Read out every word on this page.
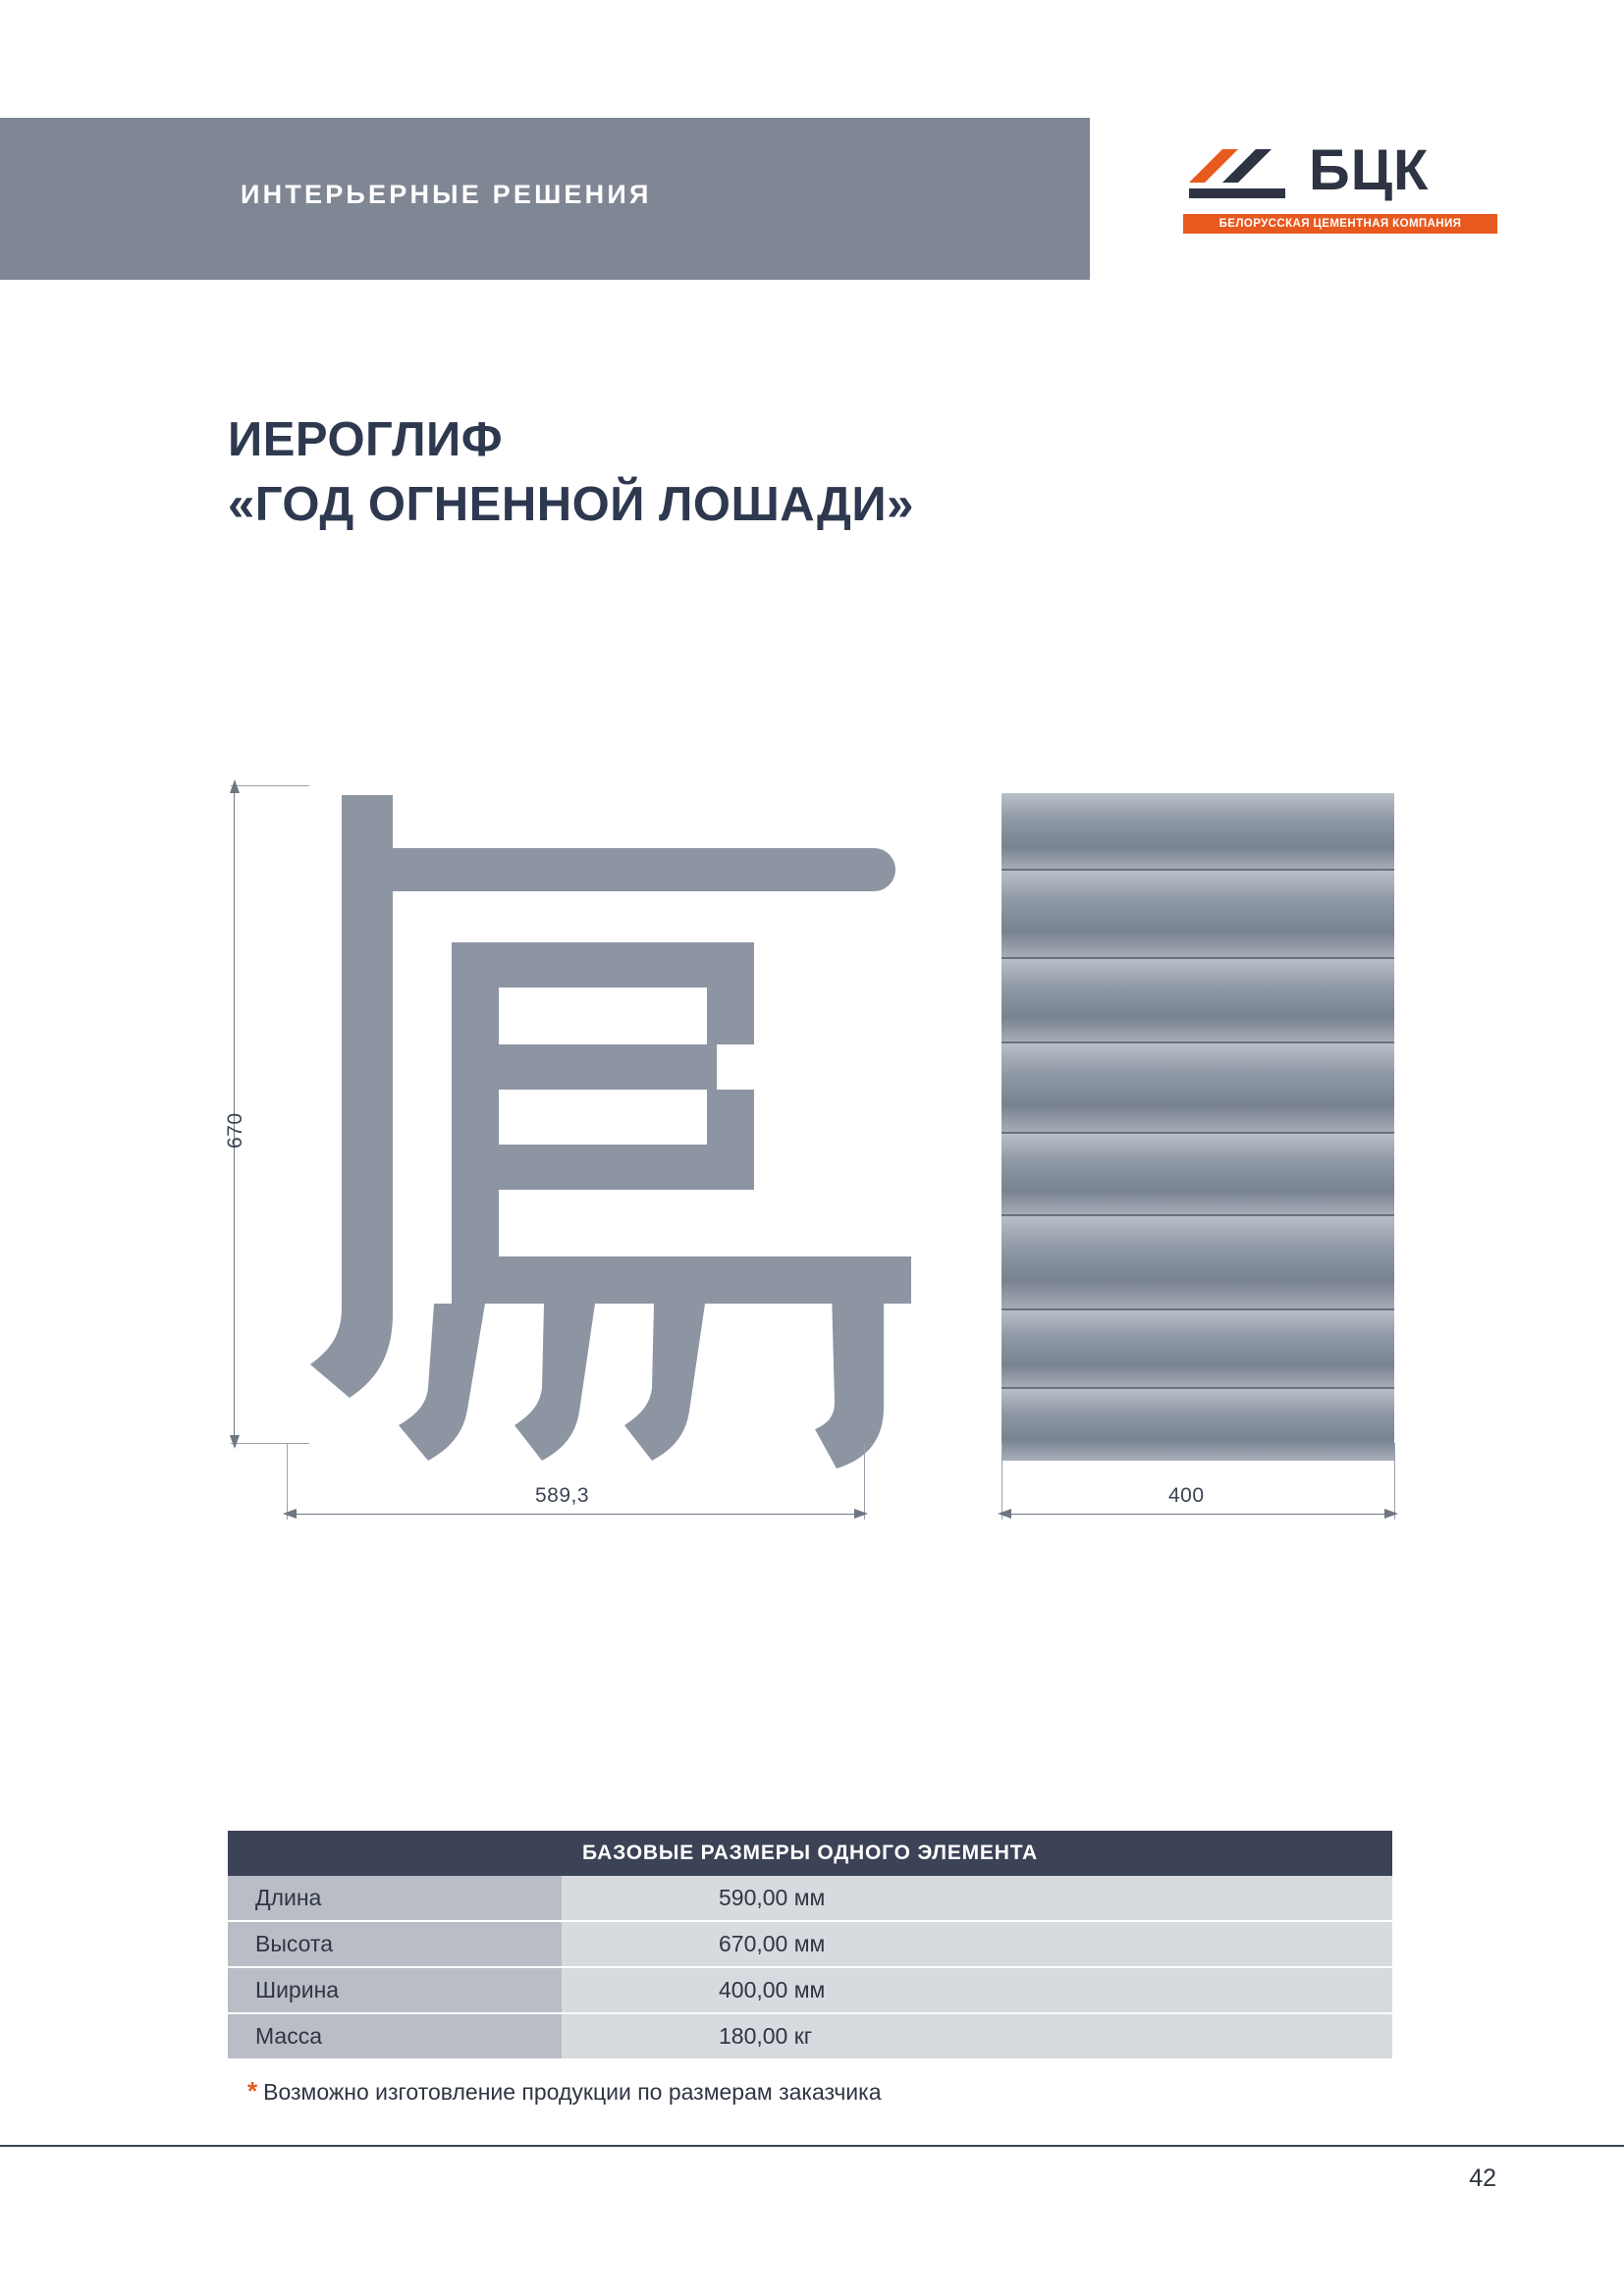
ИНТЕРЬЕРНЫЕ РЕШЕНИЯ	БЦК
БЕЛОРУССКАЯ ЦЕМЕНТНАЯ КОМПАНИЯ
ИЕРОГЛИФ
«ГОД ОГНЕННОЙ ЛОШАДИ»
670
589,3	400
БАЗОВЫЕ РАЗМЕРЫ ОДНОГО ЭЛЕМЕНТА	
Длина	590,00 мм
Высота	670,00 мм
Ширина	400,00 мм
Масса	180,00 кг
* Возможно изготовление продукции по размерам заказчика
42
